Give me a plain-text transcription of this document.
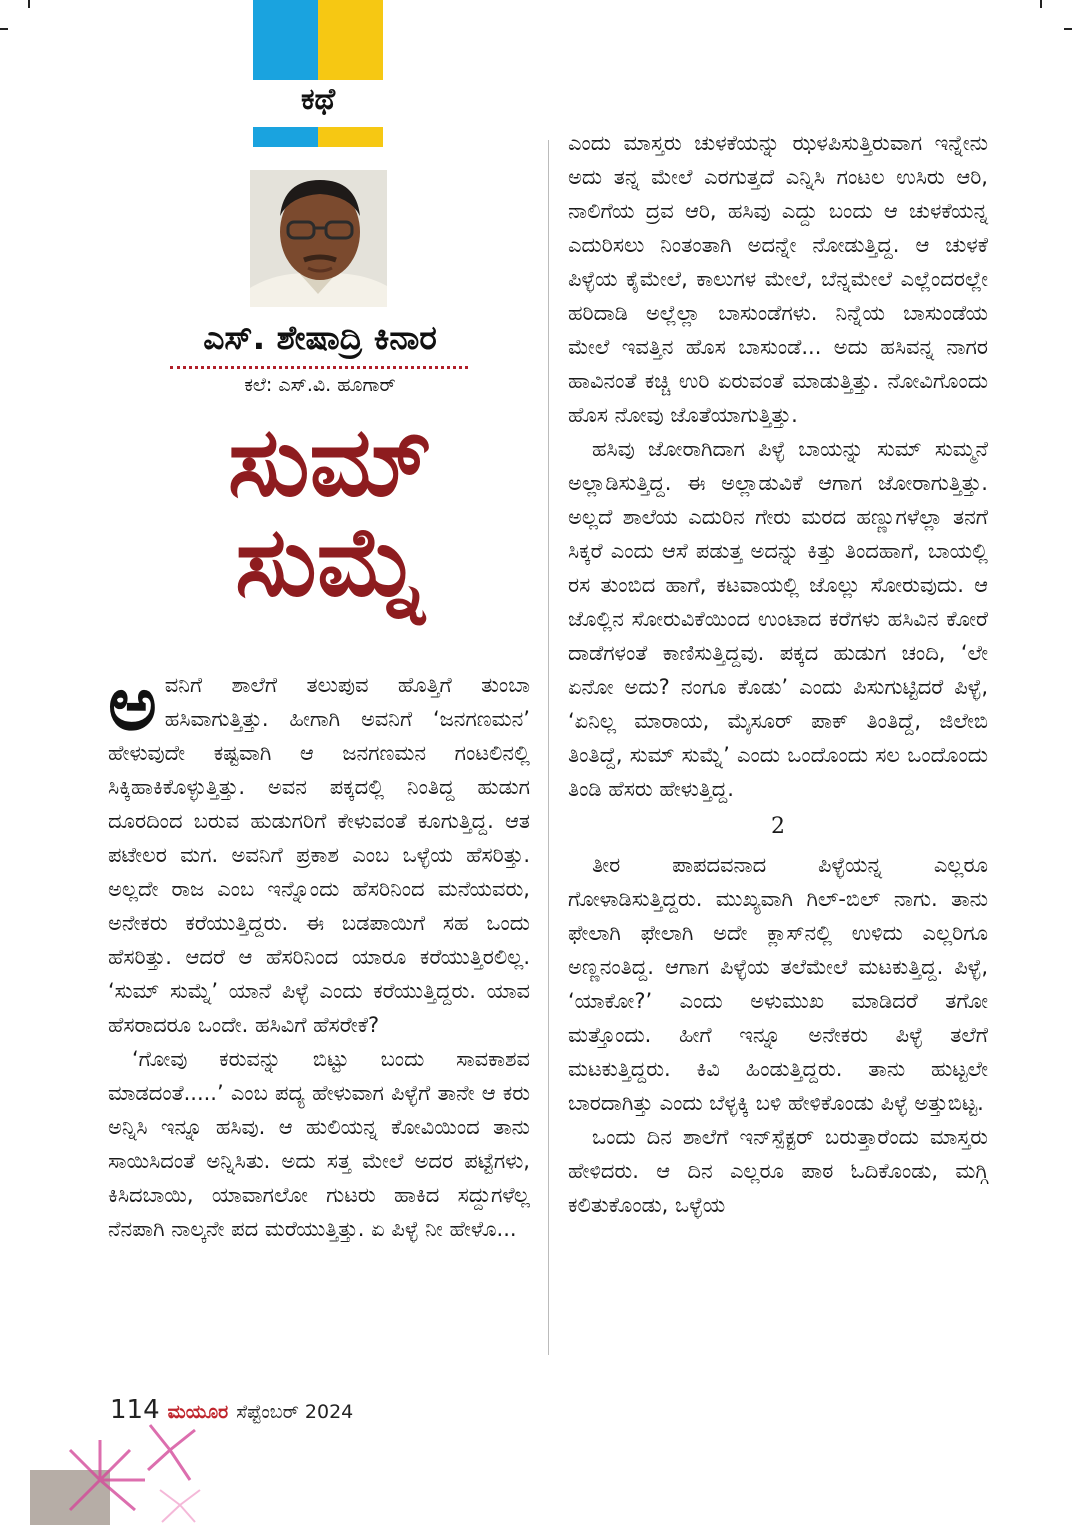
ಕಥೆ
ಎಸ್‌. ಶೇಷಾದ್ರಿ ಕಿನಾರ
ಕಲೆ: ಎಸ್‌.ವಿ. ಹೂಗಾರ್
ಸುಮ್
ಸುಮ್ನೆ

ಅವನಿಗೆ ಶಾಲೆಗೆ ತಲುಪುವ ಹೊತ್ತಿಗೆ ತುಂಬಾ ಹಸಿವಾಗುತ್ತಿತ್ತು. ಹೀಗಾಗಿ ಅವನಿಗೆ ‘ಜನಗಣಮನ’ ಹೇಳುವುದೇ ಕಷ್ಟವಾಗಿ ಆ ಜನಗಣಮನ ಗಂಟಲಿನಲ್ಲಿ ಸಿಕ್ಕಿಹಾಕಿಕೊಳ್ಳುತ್ತಿತ್ತು. ಅವನ ಪಕ್ಕದಲ್ಲಿ ನಿಂತಿದ್ದ ಹುಡುಗ ದೂರದಿಂದ ಬರುವ ಹುಡುಗರಿಗೆ ಕೇಳುವಂತೆ ಕೂಗುತ್ತಿದ್ದ. ಆತ ಪಟೇಲರ ಮಗ. ಅವನಿಗೆ ಪ್ರಕಾಶ ಎಂಬ ಒಳ್ಳೆಯ ಹೆಸರಿತ್ತು. ಅಲ್ಲದೇ ರಾಜ ಎಂಬ ಇನ್ನೊಂದು ಹೆಸರಿನಿಂದ ಮನೆಯವರು, ಅನೇಕರು ಕರೆಯುತ್ತಿದ್ದರು. ಈ ಬಡಪಾಯಿಗೆ ಸಹ ಒಂದು ಹೆಸರಿತ್ತು. ಆದರೆ ಆ ಹೆಸರಿನಿಂದ ಯಾರೂ ಕರೆಯುತ್ತಿರಲಿಲ್ಲ. ‘ಸುಮ್ ಸುಮ್ನೆ’ ಯಾನೆ ಪಿಳ್ಳೆ ಎಂದು ಕರೆಯುತ್ತಿದ್ದರು. ಯಾವ ಹೆಸರಾದರೂ ಒಂದೇ. ಹಸಿವಿಗೆ ಹೆಸರೇಕೆ?

‘ಗೋವು ಕರುವನ್ನು ಬಿಟ್ಟು ಬಂದು ಸಾವಕಾಶವ ಮಾಡದಂತೆ.....’ ಎಂಬ ಪದ್ಯ ಹೇಳುವಾಗ ಪಿಳ್ಳೆಗೆ ತಾನೇ ಆ ಕರು ಅನ್ನಿಸಿ ಇನ್ನೂ ಹಸಿವು. ಆ ಹುಲಿಯನ್ನ ಕೋವಿಯಿಂದ ತಾನು ಸಾಯಿಸಿದಂತೆ ಅನ್ನಿಸಿತು. ಅದು ಸತ್ತ ಮೇಲೆ ಅದರ ಪಟ್ಟೆಗಳು, ಕಿಸಿದಬಾಯಿ, ಯಾವಾಗಲೋ ಗುಟರು ಹಾಕಿದ ಸದ್ದುಗಳೆಲ್ಲ ನೆನಪಾಗಿ ನಾಲ್ಕನೇ ಪದ ಮರೆಯುತ್ತಿತ್ತು. ಏ ಪಿಳ್ಳೆ ನೀ ಹೇಳೊ...

ಎಂದು ಮಾಸ್ತರು ಚುಳಕೆಯನ್ನು ಝಳಪಿಸುತ್ತಿರುವಾಗ ಇನ್ನೇನು ಅದು ತನ್ನ ಮೇಲೆ ಎರಗುತ್ತದೆ ಎನ್ನಿಸಿ ಗಂಟಲ ಉಸಿರು ಆರಿ, ನಾಲಿಗೆಯ ದ್ರವ ಆರಿ, ಹಸಿವು ಎದ್ದು ಬಂದು ಆ ಚುಳಕೆಯನ್ನ ಎದುರಿಸಲು ನಿಂತಂತಾಗಿ ಅದನ್ನೇ ನೋಡುತ್ತಿದ್ದ. ಆ ಚುಳಕೆ ಪಿಳ್ಳೆಯ ಕೈಮೇಲೆ, ಕಾಲುಗಳ ಮೇಲೆ, ಬೆನ್ನಮೇಲೆ ಎಲ್ಲೆಂದರಲ್ಲೇ ಹರಿದಾಡಿ ಅಲ್ಲೆಲ್ಲಾ ಬಾಸುಂಡೆಗಳು. ನಿನ್ನೆಯ ಬಾಸುಂಡೆಯ ಮೇಲೆ ಇವತ್ತಿನ ಹೊಸ ಬಾಸುಂಡೆ... ಅದು ಹಸಿವನ್ನ ನಾಗರ ಹಾವಿನಂತೆ ಕಚ್ಚಿ ಉರಿ ಏರುವಂತೆ ಮಾಡುತ್ತಿತ್ತು. ನೋವಿಗೊಂದು ಹೊಸ ನೋವು ಜೊತೆಯಾಗುತ್ತಿತ್ತು.

ಹಸಿವು ಜೋರಾಗಿದಾಗ ಪಿಳ್ಳೆ ಬಾಯನ್ನು ಸುಮ್ ಸುಮ್ಮನೆ ಅಲ್ಲಾಡಿಸುತ್ತಿದ್ದ. ಈ ಅಲ್ಲಾಡುವಿಕೆ ಆಗಾಗ ಜೋರಾಗುತ್ತಿತ್ತು. ಅಲ್ಲದೆ ಶಾಲೆಯ ಎದುರಿನ ಗೇರು ಮರದ ಹಣ್ಣುಗಳೆಲ್ಲಾ ತನಗೆ ಸಿಕ್ಕರೆ ಎಂದು ಆಸೆ ಪಡುತ್ತ ಅದನ್ನು ಕಿತ್ತು ತಿಂದಹಾಗೆ, ಬಾಯಲ್ಲಿ ರಸ ತುಂಬಿದ ಹಾಗೆ, ಕಟವಾಯಲ್ಲಿ ಜೊಲ್ಲು ಸೋರುವುದು. ಆ ಜೊಲ್ಲಿನ ಸೋರುವಿಕೆಯಿಂದ ಉಂಟಾದ ಕರೆಗಳು ಹಸಿವಿನ ಕೋರೆ ದಾಡೆಗಳಂತೆ ಕಾಣಿಸುತ್ತಿದ್ದವು. ಪಕ್ಕದ ಹುಡುಗ ಚಂದಿ, ‘ಲೇ ಏನೋ ಅದು? ನಂಗೂ ಕೊಡು’ ಎಂದು ಪಿಸುಗುಟ್ಟಿದರೆ ಪಿಳ್ಳೆ, ‘ಏನಿಲ್ಲ ಮಾರಾಯ, ಮೈಸೂರ್ ಪಾಕ್ ತಿಂತಿದ್ದೆ, ಜಿಲೇಬಿ ತಿಂತಿದ್ದೆ, ಸುಮ್ ಸುಮ್ನೆ’ ಎಂದು ಒಂದೊಂದು ಸಲ ಒಂದೊಂದು ತಿಂಡಿ ಹೆಸರು ಹೇಳುತ್ತಿದ್ದ.

2

ತೀರ ಪಾಪದವನಾದ ಪಿಳ್ಳೆಯನ್ನ ಎಲ್ಲರೂ ಗೋಳಾಡಿಸುತ್ತಿದ್ದರು. ಮುಖ್ಯವಾಗಿ ಗಿಲ್-ಬಿಲ್ ನಾಗು. ತಾನು ಫೇಲಾಗಿ ಫೇಲಾಗಿ ಅದೇ ಕ್ಲಾಸ್‌ನಲ್ಲಿ ಉಳಿದು ಎಲ್ಲರಿಗೂ ಅಣ್ಣನಂತಿದ್ದ. ಆಗಾಗ ಪಿಳ್ಳೆಯ ತಲೆಮೇಲೆ ಮಟಕುತ್ತಿದ್ದ. ಪಿಳ್ಳೆ, ‘ಯಾಕೋ?’ ಎಂದು ಅಳುಮುಖ ಮಾಡಿದರೆ ತಗೋ ಮತ್ತೊಂದು. ಹೀಗೆ ಇನ್ನೂ ಅನೇಕರು ಪಿಳ್ಳೆ ತಲೆಗೆ ಮಟಕುತ್ತಿದ್ದರು. ಕಿವಿ ಹಿಂಡುತ್ತಿದ್ದರು. ತಾನು ಹುಟ್ಟಲೇ ಬಾರದಾಗಿತ್ತು ಎಂದು ಬೆಳ್ಳಕ್ಕಿ ಬಳಿ ಹೇಳಿಕೊಂಡು ಪಿಳ್ಳೆ ಅತ್ತುಬಿಟ್ಟ.

ಒಂದು ದಿನ ಶಾಲೆಗೆ ಇನ್‌ಸ್ಪೆಕ್ಟರ್ ಬರುತ್ತಾರೆಂದು ಮಾಸ್ತರು ಹೇಳಿದರು. ಆ ದಿನ ಎಲ್ಲರೂ ಪಾಠ ಓದಿಕೊಂಡು, ಮಗ್ಗಿ ಕಲಿತುಕೊಂಡು, ಒಳ್ಳೆಯ

114 ಮಯೂರ ಸೆಪ್ಟೆಂಬರ್ 2024
